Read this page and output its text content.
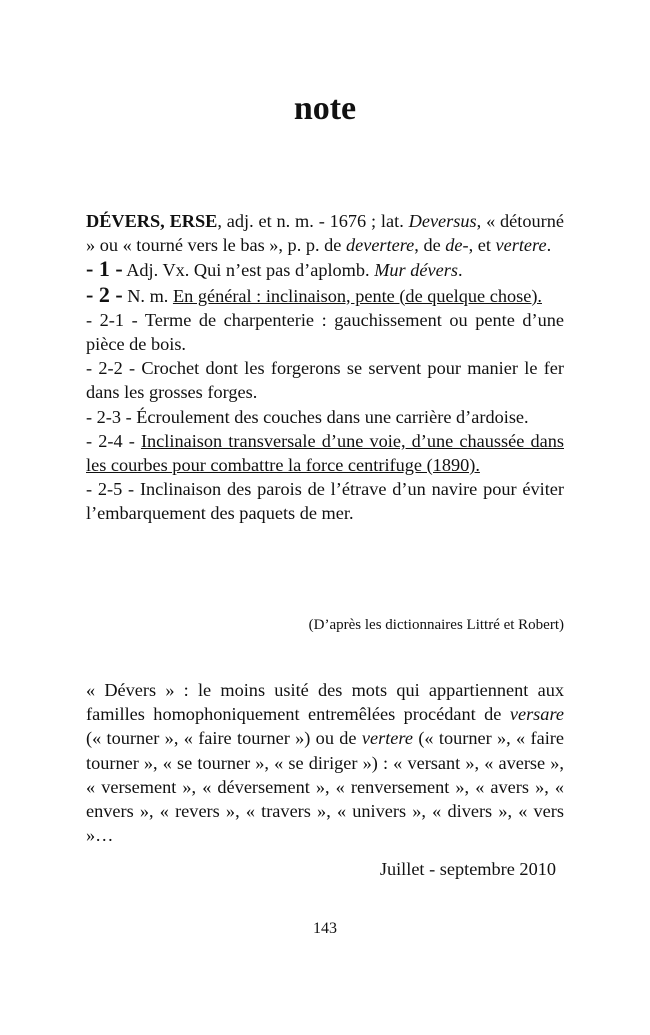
note

DÉVERS, ERSE, adj. et n. m. - 1676 ; lat. Deversus, « détourné » ou « tourné vers le bas », p. p. de devertere, de de-, et vertere.

- 1 - Adj. Vx. Qui n’est pas d’aplomb. Mur dévers.

- 2 - N. m. En général : inclinaison, pente (de quelque chose).

- 2-1 - Terme de charpenterie : gauchissement ou pente d’une pièce de bois.

- 2-2 - Crochet dont les forgerons se servent pour manier le fer dans les grosses forges.

- 2-3 - Écroulement des couches dans une carrière d’ardoise.

- 2-4 - Inclinaison transversale d’une voie, d’une chaussée dans les courbes pour combattre la force centrifuge (1890).

- 2-5 - Inclinaison des parois de l’étrave d’un navire pour éviter l’embarquement des paquets de mer.

(D’après les dictionnaires Littré et Robert)
« Dévers » : le moins usité des mots qui appartiennent aux familles homophoniquement entremêlées procédant de versare (« tourner », « faire tourner ») ou de vertere (« tourner », « faire tourner », « se tourner », « se diriger ») : « versant », « averse », « versement », « déversement », « renversement », « avers », « envers », « revers », « travers », « univers », « divers », « vers »…
Juillet - septembre 2010
143
